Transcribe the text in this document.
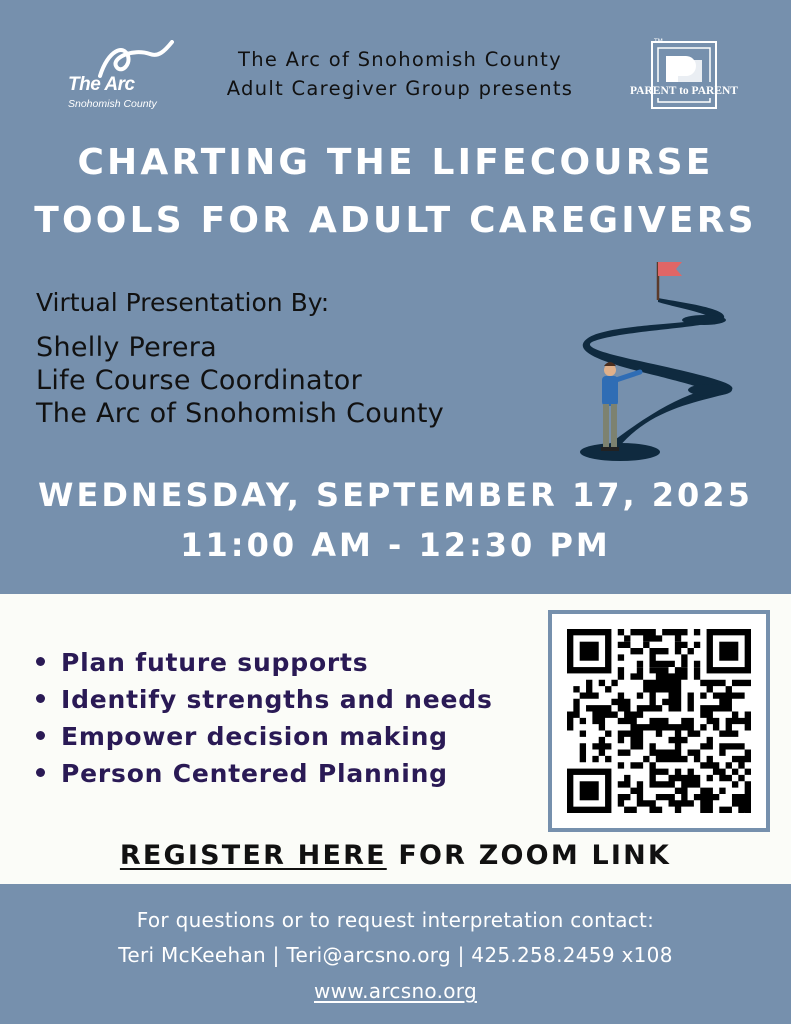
The Arc
Snohomish County
The Arc of Snohomish County
Adult Caregiver Group presents
TM
PARENT to PARENT
CHARTING THE LIFECOURSE
TOOLS FOR ADULT CAREGIVERS
Virtual Presentation By:
Shelly Perera
Life Course Coordinator
The Arc of Snohomish County
WEDNESDAY, SEPTEMBER 17, 2025
11:00 AM - 12:30 PM
Plan future supports
Identify strengths and needs
Empower decision making
Person Centered Planning
REGISTER HERE FOR ZOOM LINK
For questions or to request interpretation contact:
Teri McKeehan | Teri@arcsno.org | 425.258.2459 x108
www.arcsno.org
